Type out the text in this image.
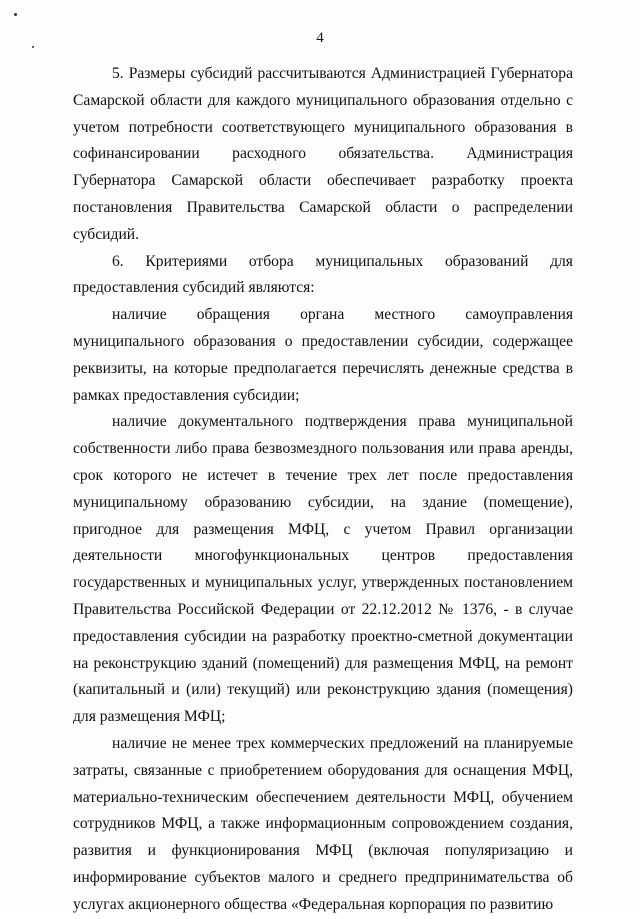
4

5. Размеры субсидий рассчитываются Администрацией Губернатора Самарской области для каждого муниципального образования отдельно с учетом потребности соответствующего муниципального образования в софинансировании расходного обязательства. Администрация Губернатора Самарской области обеспечивает разработку проекта постановления Правительства Самарской области о распределении субсидий.

6. Критериями отбора муниципальных образований для предоставления субсидий являются:

наличие обращения органа местного самоуправления муниципального образования о предоставлении субсидии, содержащее реквизиты, на которые предполагается перечислять денежные средства в рамках предоставления субсидии;

наличие документального подтверждения права муниципальной собственности либо права безвозмездного пользования или права аренды, срок которого не истечет в течение трех лет после предоставления муниципальному образованию субсидии, на здание (помещение), пригодное для размещения МФЦ, с учетом Правил организации деятельности многофункциональных центров предоставления государственных и муниципальных услуг, утвержденных постановлением Правительства Российской Федерации от 22.12.2012 № 1376, - в случае предоставления субсидии на разработку проектно-сметной документации на реконструкцию зданий (помещений) для размещения МФЦ, на ремонт (капитальный и (или) текущий) или реконструкцию здания (помещения) для размещения МФЦ;

наличие не менее трех коммерческих предложений на планируемые затраты, связанные с приобретением оборудования для оснащения МФЦ, материально-техническим обеспечением деятельности МФЦ, обучением сотрудников МФЦ, а также информационным сопровождением создания, развития и функционирования МФЦ (включая популяризацию и информирование субъектов малого и среднего предпринимательства об услугах акционерного общества «Федеральная корпорация по развитию
